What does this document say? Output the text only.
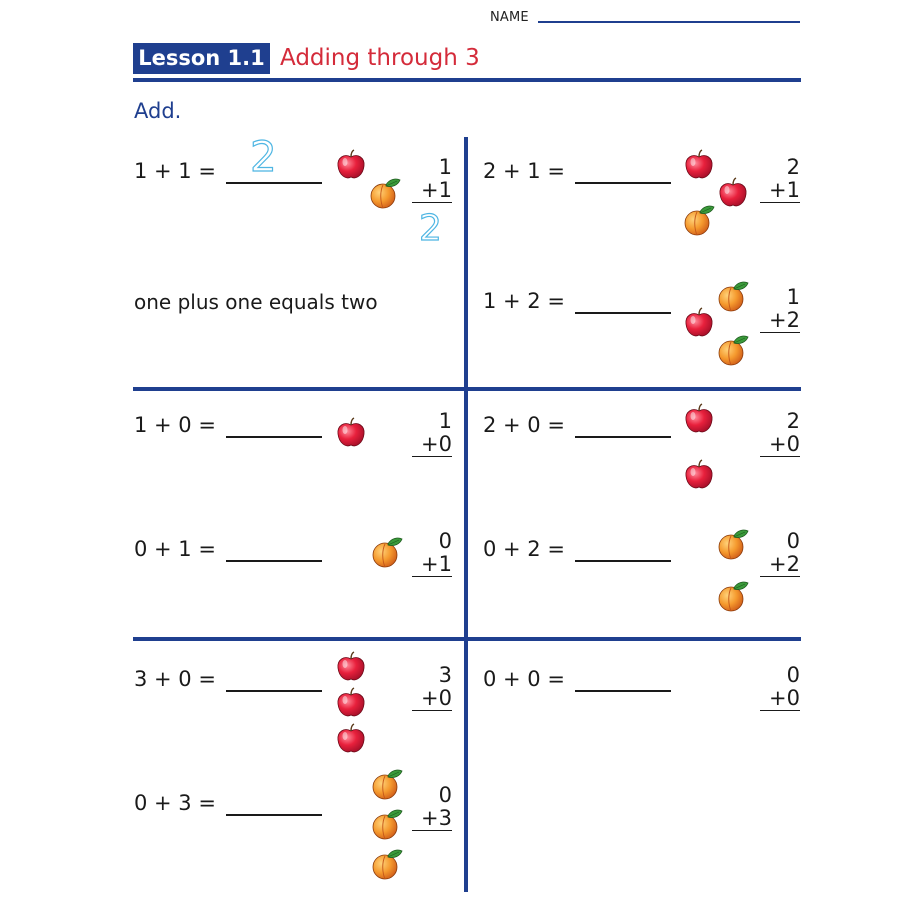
NAME
Lesson 1.1 Adding through 3
Add.
1 + 1 =	1
+1
2 + 1 =	2
+1
1 + 2 =	1
+2
1 + 0 =	1
+0
2 + 0 =	2
+0
0 + 1 =	0
+1
0 + 2 =	0
+2
3 + 0 =	3
+0
0 + 0 =	0
+0
0 + 3 =	0
+3
2
2
one plus one equals two
